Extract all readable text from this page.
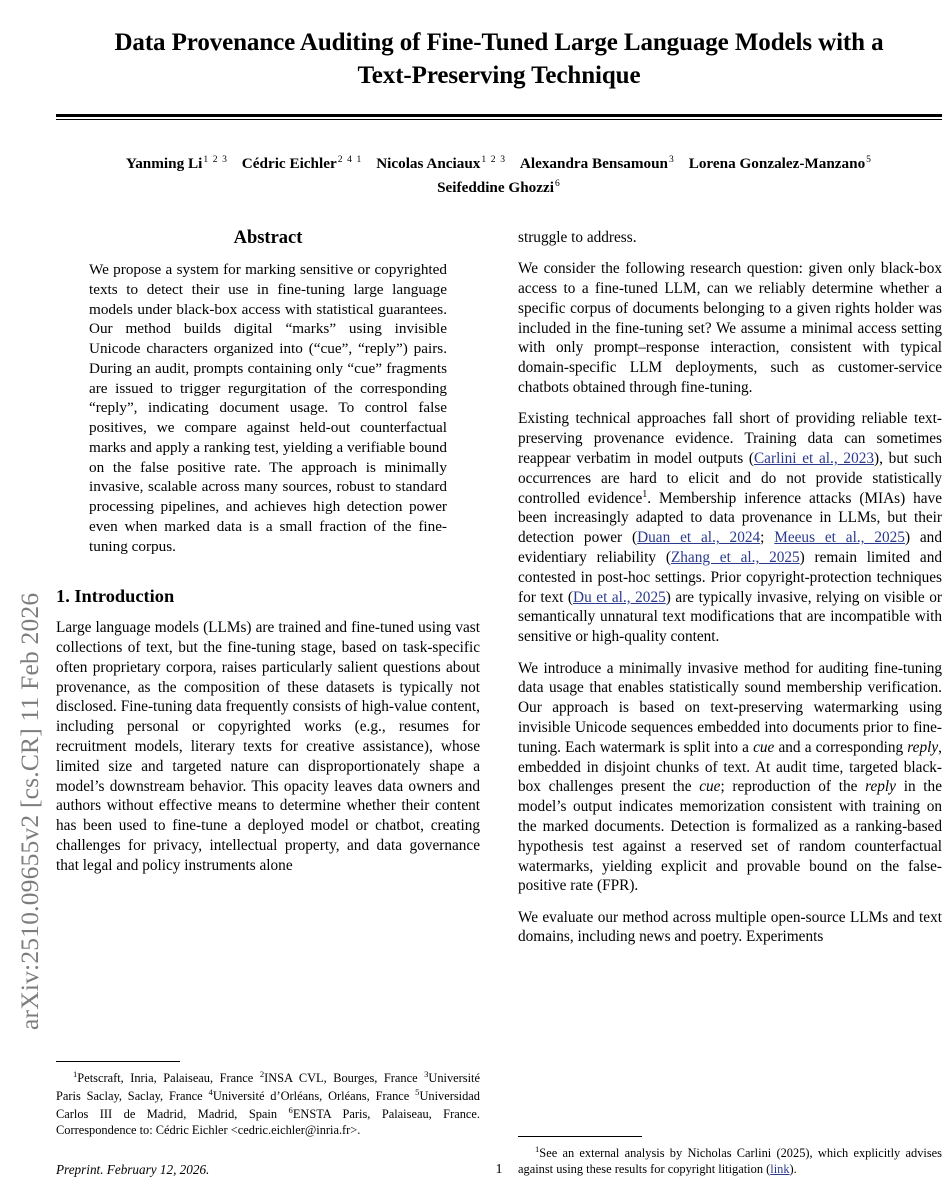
arXiv:2510.09655v2 [cs.CR] 11 Feb 2026
Data Provenance Auditing of Fine-Tuned Large Language Models with a Text-Preserving Technique
Yanming $Li^{1 2 3}$ Cédric Eichler$^{2 4 1}$ Nicolas Anciaux$^{1 2 3}$ Alexandra Bensamoun$^3$ Lorena Gonzalez-Manzano$^5$
Seifeddine Ghozzi$^6$
Abstract

We propose a system for marking sensitive or copyrighted texts to detect their use in fine-tuning large language models under black-box access with statistical guarantees. Our method builds digital “marks” using invisible Unicode characters organized into (“cue”, “reply”) pairs. During an audit, prompts containing only “cue” fragments are issued to trigger regurgitation of the corresponding “reply”, indicating document usage. To control false positives, we compare against held-out counterfactual marks and apply a ranking test, yielding a verifiable bound on the false positive rate. The approach is minimally invasive, scalable across many sources, robust to standard processing pipelines, and achieves high detection power even when marked data is a small fraction of the fine-tuning corpus.

1. Introduction

Large language models (LLMs) are trained and fine-tuned using vast collections of text, but the fine-tuning stage, based on task-specific often proprietary corpora, raises particularly salient questions about provenance, as the composition of these datasets is typically not disclosed. Fine-tuning data frequently consists of high-value content, including personal or copyrighted works (e.g., resumes for recruitment models, literary texts for creative assistance), whose limited size and targeted nature can disproportionately shape a model’s downstream behavior. This opacity leaves data owners and authors without effective means to determine whether their content has been used to fine-tune a deployed model or chatbot, creating challenges for privacy, intellectual property, and data governance that legal and policy instruments alone

$^1$Petscraft, Inria, Palaiseau, France $^2$INSA CVL, Bourges, France $^3$Université Paris Saclay, Saclay, France $^4$Université d’Orléans, Orléans, France $^5$Universidad Carlos III de Madrid, Madrid, Spain $^6$ENSTA Paris, Palaiseau, France. Correspondence to: Cédric Eichler <cedric.eichler@inria.fr>.

Preprint. February 12, 2026.

struggle to address.

We consider the following research question: given only black-box access to a fine-tuned LLM, can we reliably determine whether a specific corpus of documents belonging to a given rights holder was included in the fine-tuning set? We assume a minimal access setting with only prompt–response interaction, consistent with typical domain-specific LLM deployments, such as customer-service chatbots obtained through fine-tuning.

Existing technical approaches fall short of providing reliable text-preserving provenance evidence. Training data can sometimes reappear verbatim in model outputs (Carlini et al., 2023), but such occurrences are hard to elicit and do not provide statistically controlled evidence$^1$. Membership inference attacks (MIAs) have been increasingly adapted to data provenance in LLMs, but their detection power (Duan et al., 2024; Meeus et al., 2025) and evidentiary reliability (Zhang et al., 2025) remain limited and contested in post-hoc settings. Prior copyright-protection techniques for text (Du et al., 2025) are typically invasive, relying on visible or semantically unnatural text modifications that are incompatible with sensitive or high-quality content.

We introduce a minimally invasive method for auditing fine-tuning data usage that enables statistically sound membership verification. Our approach is based on text-preserving watermarking using invisible Unicode sequences embedded into documents prior to fine-tuning. Each watermark is split into a cue and a corresponding reply, embedded in disjoint chunks of text. At audit time, targeted black-box challenges present the cue; reproduction of the reply in the model’s output indicates memorization consistent with training on the marked documents. Detection is formalized as a ranking-based hypothesis test against a reserved set of random counterfactual watermarks, yielding explicit and provable bound on the false-positive rate (FPR).

We evaluate our method across multiple open-source LLMs and text domains, including news and poetry. Experiments

$^1$See an external analysis by Nicholas Carlini (2025), which explicitly advises against using these results for copyright litigation (link).

1
